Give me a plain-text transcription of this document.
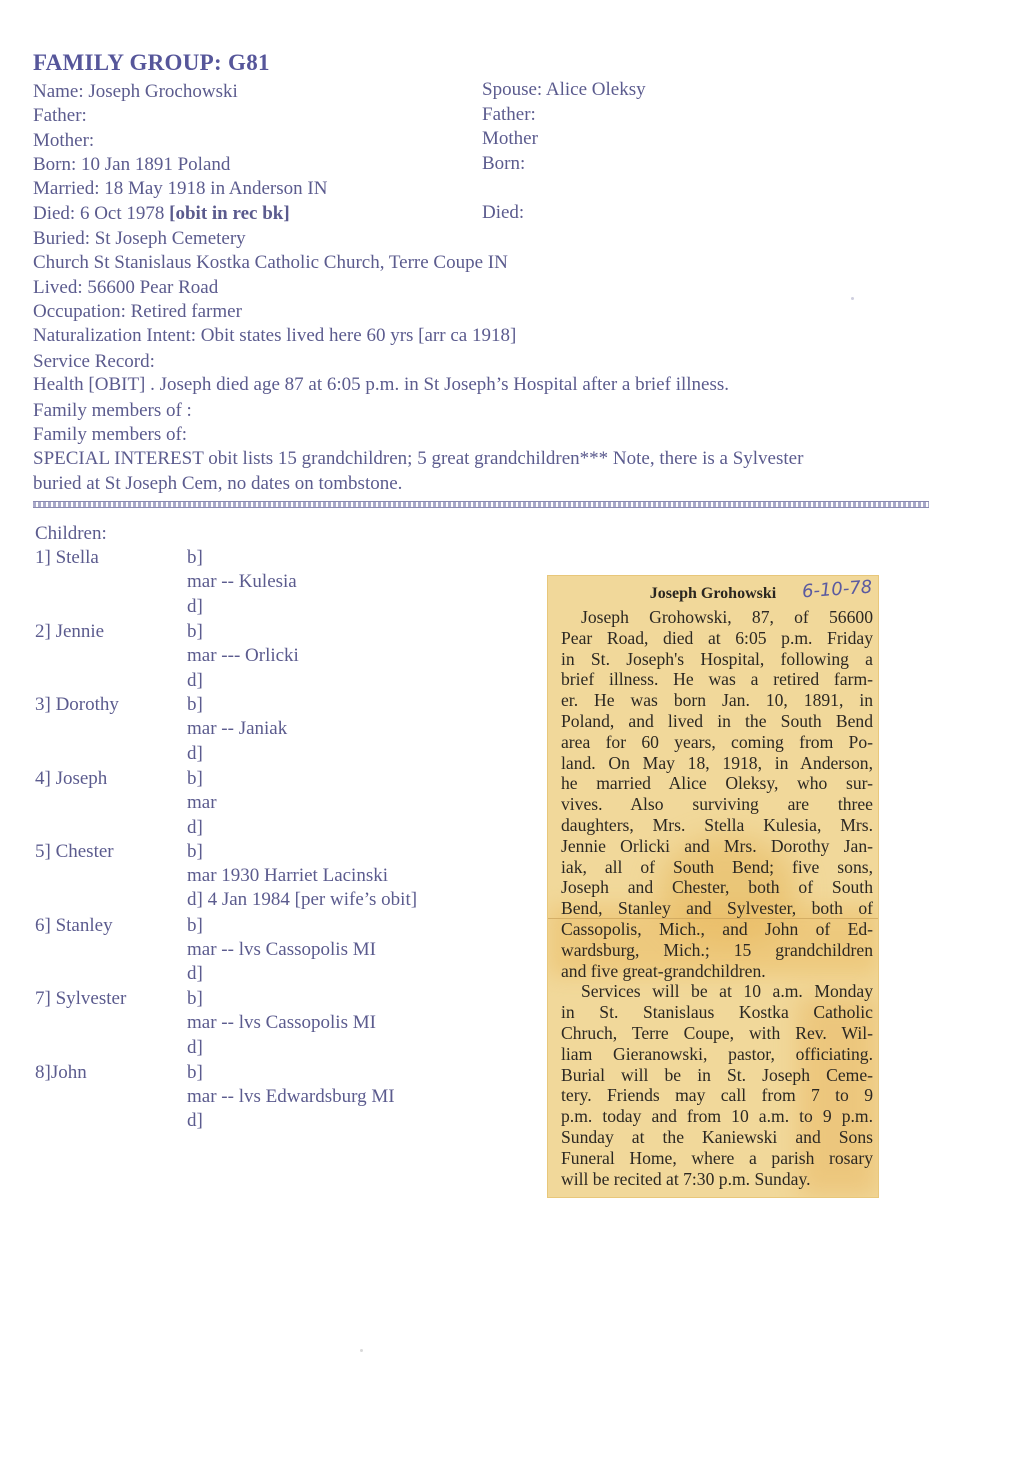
FAMILY GROUP: G81
Name: Joseph Grochowski
Father:
Mother:
Born: 10 Jan 1891 Poland
Married: 18 May 1918 in Anderson IN
Died: 6 Oct 1978 [obit in rec bk]
Buried: St Joseph Cemetery
Church St Stanislaus Kostka Catholic Church, Terre Coupe IN
Lived: 56600 Pear Road
Occupation: Retired farmer
Naturalization Intent: Obit states lived here 60 yrs [arr ca 1918]
Service Record:
Health [OBIT] . Joseph died age 87 at 6:05 p.m. in St Joseph’s Hospital after a brief illness.
Family members of :
Family members of:
SPECIAL INTEREST obit lists 15 grandchildren; 5 great grandchildren*** Note, there is a Sylvester
buried at St Joseph Cem, no dates on tombstone.
Spouse: Alice Oleksy
Father:
Mother
Born:
Died:
Children:
1] Stella	b]
mar -- Kulesia
d]
2] Jennie	b]
mar --- Orlicki
d]
3] Dorothy	b]
mar -- Janiak
d]
4] Joseph	b]
mar
d]
5] Chester	b]
mar 1930 Harriet Lacinski
d] 4 Jan 1984 [per wife’s obit]
6] Stanley	b]
mar -- lvs Cassopolis MI
d]
7] Sylvester	b]
mar -- lvs Cassopolis MI
d]
8]John	b]
mar -- lvs Edwardsburg MI
d]
Joseph Grohowski	6-10-78
Joseph Grohowski, 87, of 56600
Pear Road, died at 6:05 p.m. Friday
in St. Joseph's Hospital, following a
brief illness. He was a retired farm-
er. He was born Jan. 10, 1891, in
Poland, and lived in the South Bend
area for 60 years, coming from Po-
land. On May 18, 1918, in Anderson,
he married Alice Oleksy, who sur-
vives. Also surviving are three
daughters, Mrs. Stella Kulesia, Mrs.
Jennie Orlicki and Mrs. Dorothy Jan-
iak, all of South Bend; five sons,
Joseph and Chester, both of South
Bend, Stanley and Sylvester, both of
Cassopolis, Mich., and John of Ed-
wardsburg, Mich.; 15 grandchildren
and five great-grandchildren.
Services will be at 10 a.m. Monday
in St. Stanislaus Kostka Catholic
Chruch, Terre Coupe, with Rev. Wil-
liam Gieranowski, pastor, officiating.
Burial will be in St. Joseph Ceme-
tery. Friends may call from 7 to 9
p.m. today and from 10 a.m. to 9 p.m.
Sunday at the Kaniewski and Sons
Funeral Home, where a parish rosary
will be recited at 7:30 p.m. Sunday.
